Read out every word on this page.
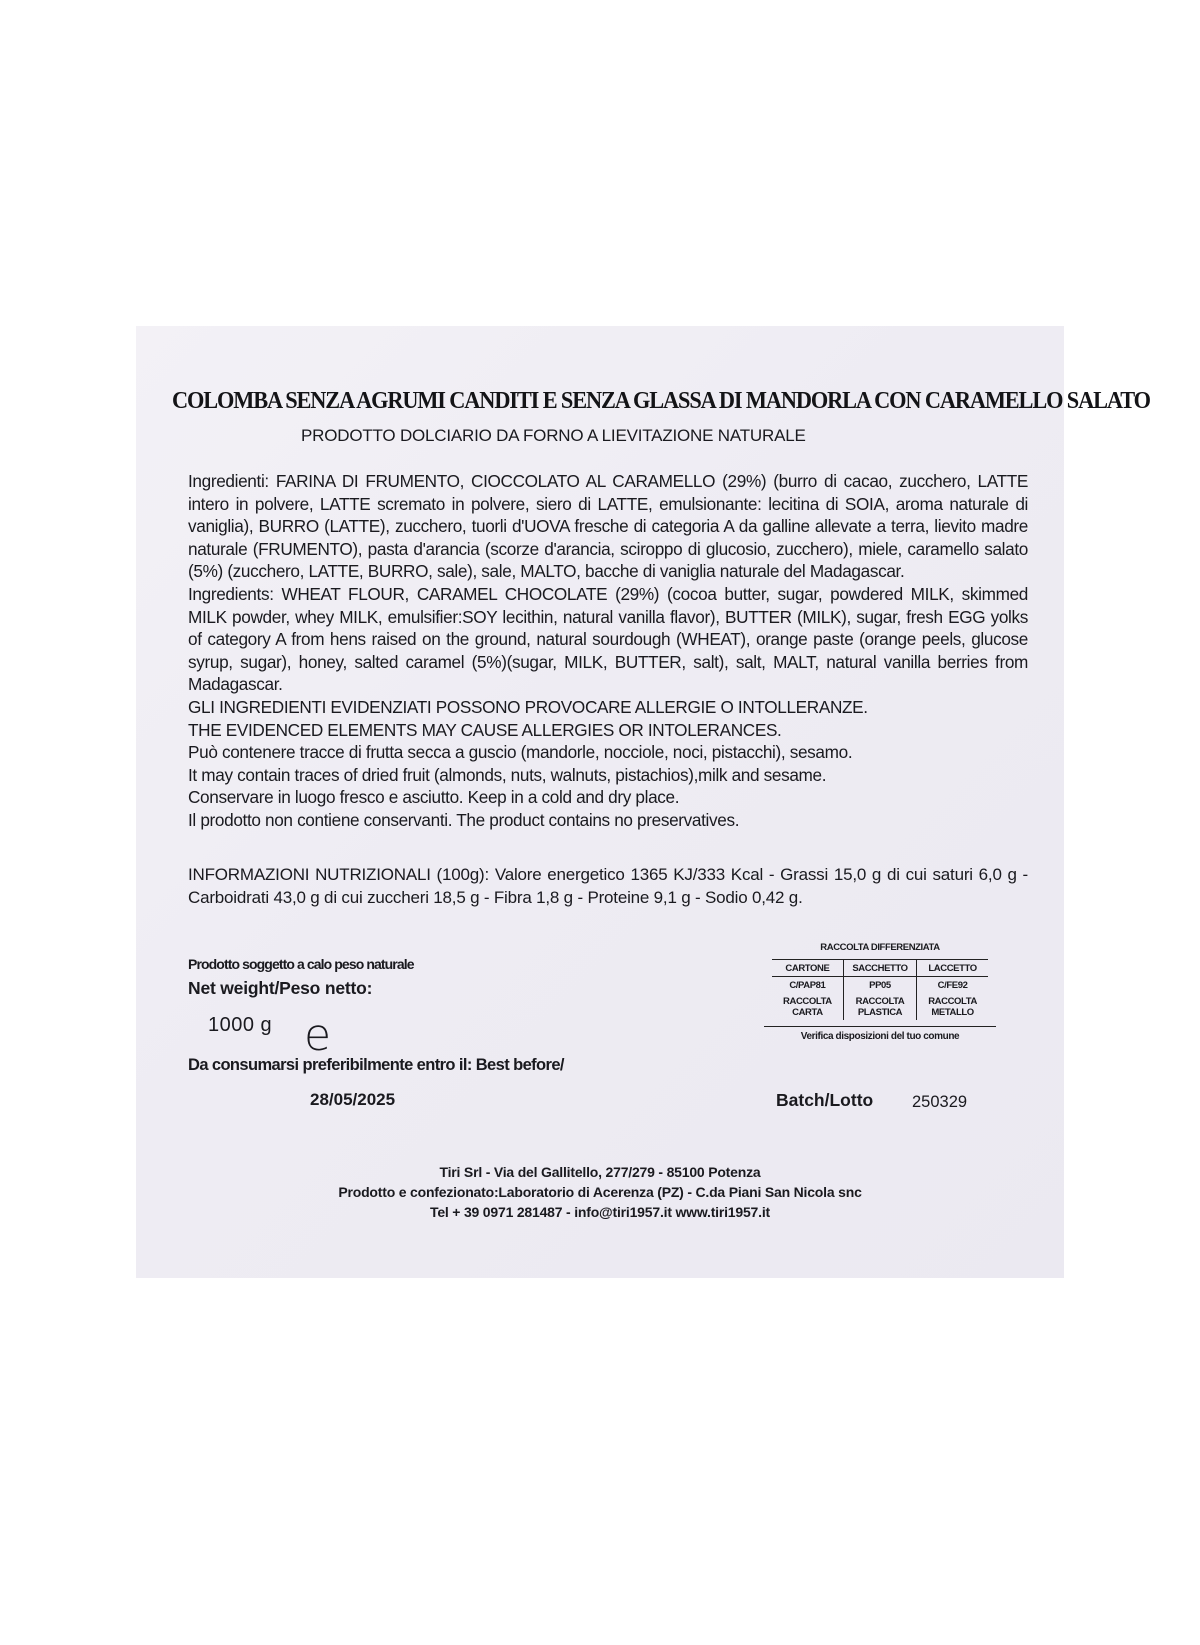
COLOMBA SENZA AGRUMI CANDITI E SENZA GLASSA DI MANDORLA CON CARAMELLO SALATO
PRODOTTO DOLCIARIO DA FORNO A LIEVITAZIONE NATURALE

Ingredienti: FARINA DI FRUMENTO, CIOCCOLATO AL CARAMELLO (29%) (burro di cacao, zucchero, LATTE intero in polvere, LATTE scremato in polvere, siero di LATTE, emulsionante: lecitina di SOIA, aroma naturale di vaniglia), BURRO (LATTE), zucchero, tuorli d'UOVA fresche di categoria A da galline allevate a terra, lievito madre naturale (FRUMENTO), pasta d'arancia (scorze d'arancia, sciroppo di glucosio, zucchero), miele, caramello salato (5%) (zucchero, LATTE, BURRO, sale), sale, MALTO, bacche di vaniglia naturale del Madagascar.

Ingredients: WHEAT FLOUR, CARAMEL CHOCOLATE (29%) (cocoa butter, sugar, powdered MILK, skimmed MILK powder, whey MILK, emulsifier:SOY lecithin, natural vanilla flavor), BUTTER (MILK), sugar, fresh EGG yolks of category A from hens raised on the ground, natural sourdough (WHEAT), orange paste (orange peels, glucose syrup, sugar), honey, salted caramel (5%)(sugar, MILK, BUTTER, salt), salt, MALT, natural vanilla berries from Madagascar.

GLI INGREDIENTI EVIDENZIATI POSSONO PROVOCARE ALLERGIE O INTOLLERANZE.

THE EVIDENCED ELEMENTS MAY CAUSE ALLERGIES OR INTOLERANCES.

Può contenere tracce di frutta secca a guscio (mandorle, nocciole, noci, pistacchi), sesamo.

It may contain traces of dried fruit (almonds, nuts, walnuts, pistachios),milk and sesame.

Conservare in luogo fresco e asciutto. Keep in a cold and dry place.

Il prodotto non contiene conservanti. The product contains no preservatives.

INFORMAZIONI NUTRIZIONALI (100g): Valore energetico 1365 KJ/333 Kcal - Grassi 15,0 g di cui saturi 6,0 g - Carboidrati 43,0 g di cui zuccheri 18,5 g - Fibra 1,8 g - Proteine 9,1 g - Sodio 0,42 g.
Prodotto soggetto a calo peso naturale
Net weight/Peso netto:
1000 g e
Da consumarsi preferibilmente entro il: Best before/
28/05/2025	Batch/Lotto 250329
RACCOLTA DIFFERENZIATA
CARTONE	SACCHETTO	LACCETTO
C/PAP81	PP05	C/FE92
RACCOLTA CARTA	RACCOLTA PLASTICA	RACCOLTA METALLO
Verifica disposizioni del tuo comune
Tiri Srl - Via del Gallitello, 277/279 - 85100 Potenza
Prodotto e confezionato:Laboratorio di Acerenza (PZ) - C.da Piani San Nicola snc
Tel + 39 0971 281487 - info@tiri1957.it www.tiri1957.it
